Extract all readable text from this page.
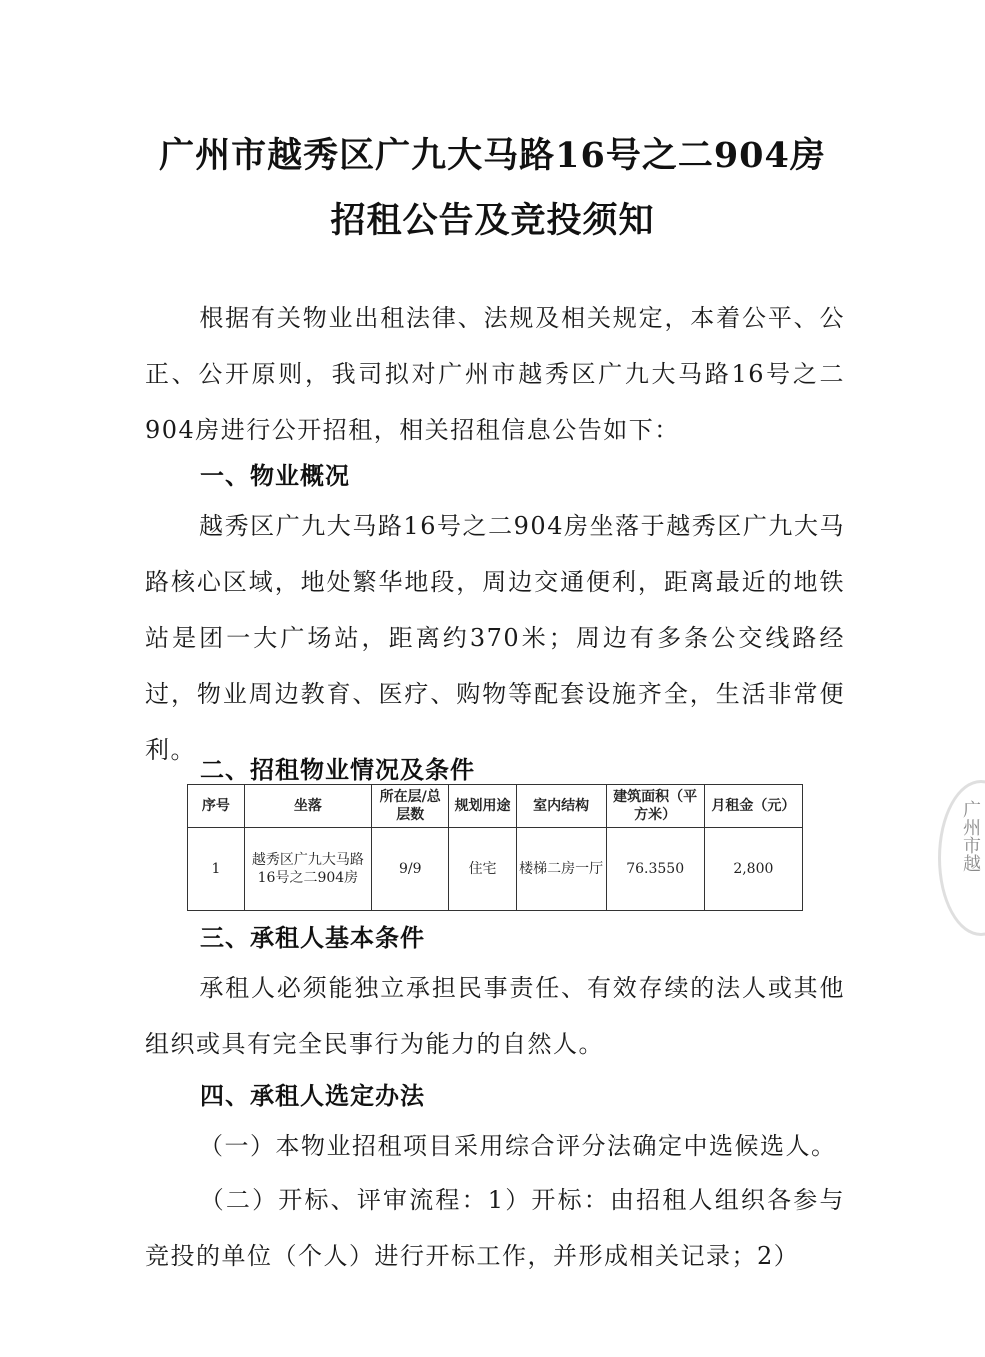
广州市越秀区广九大马路16号之二904房
招租公告及竞投须知
根据有关物业出租法律、法规及相关规定，本着公平、公正、公开原则，我司拟对广州市越秀区广九大马路16号之二904房进行公开招租，相关招租信息公告如下：
一、物业概况
越秀区广九大马路16号之二904房坐落于越秀区广九大马路核心区域，地处繁华地段，周边交通便利，距离最近的地铁站是团一大广场站，距离约370米；周边有多条公交线路经过，物业周边教育、医疗、购物等配套设施齐全，生活非常便利。
二、招租物业情况及条件
序号	坐落	所在层/总层数	规划用途	室内结构	建筑面积（平方米）	月租金（元）
1	越秀区广九大马路16号之二904房	9/9	住宅	楼梯二房一厅	76.3550	2,800
三、承租人基本条件
承租人必须能独立承担民事责任、有效存续的法人或其他组织或具有完全民事行为能力的自然人。
四、承租人选定办法
（一）本物业招租项目采用综合评分法确定中选候选人。
（二）开标、评审流程：1）开标：由招租人组织各参与竞投的单位（个人）进行开标工作，并形成相关记录；2）
广州市越
